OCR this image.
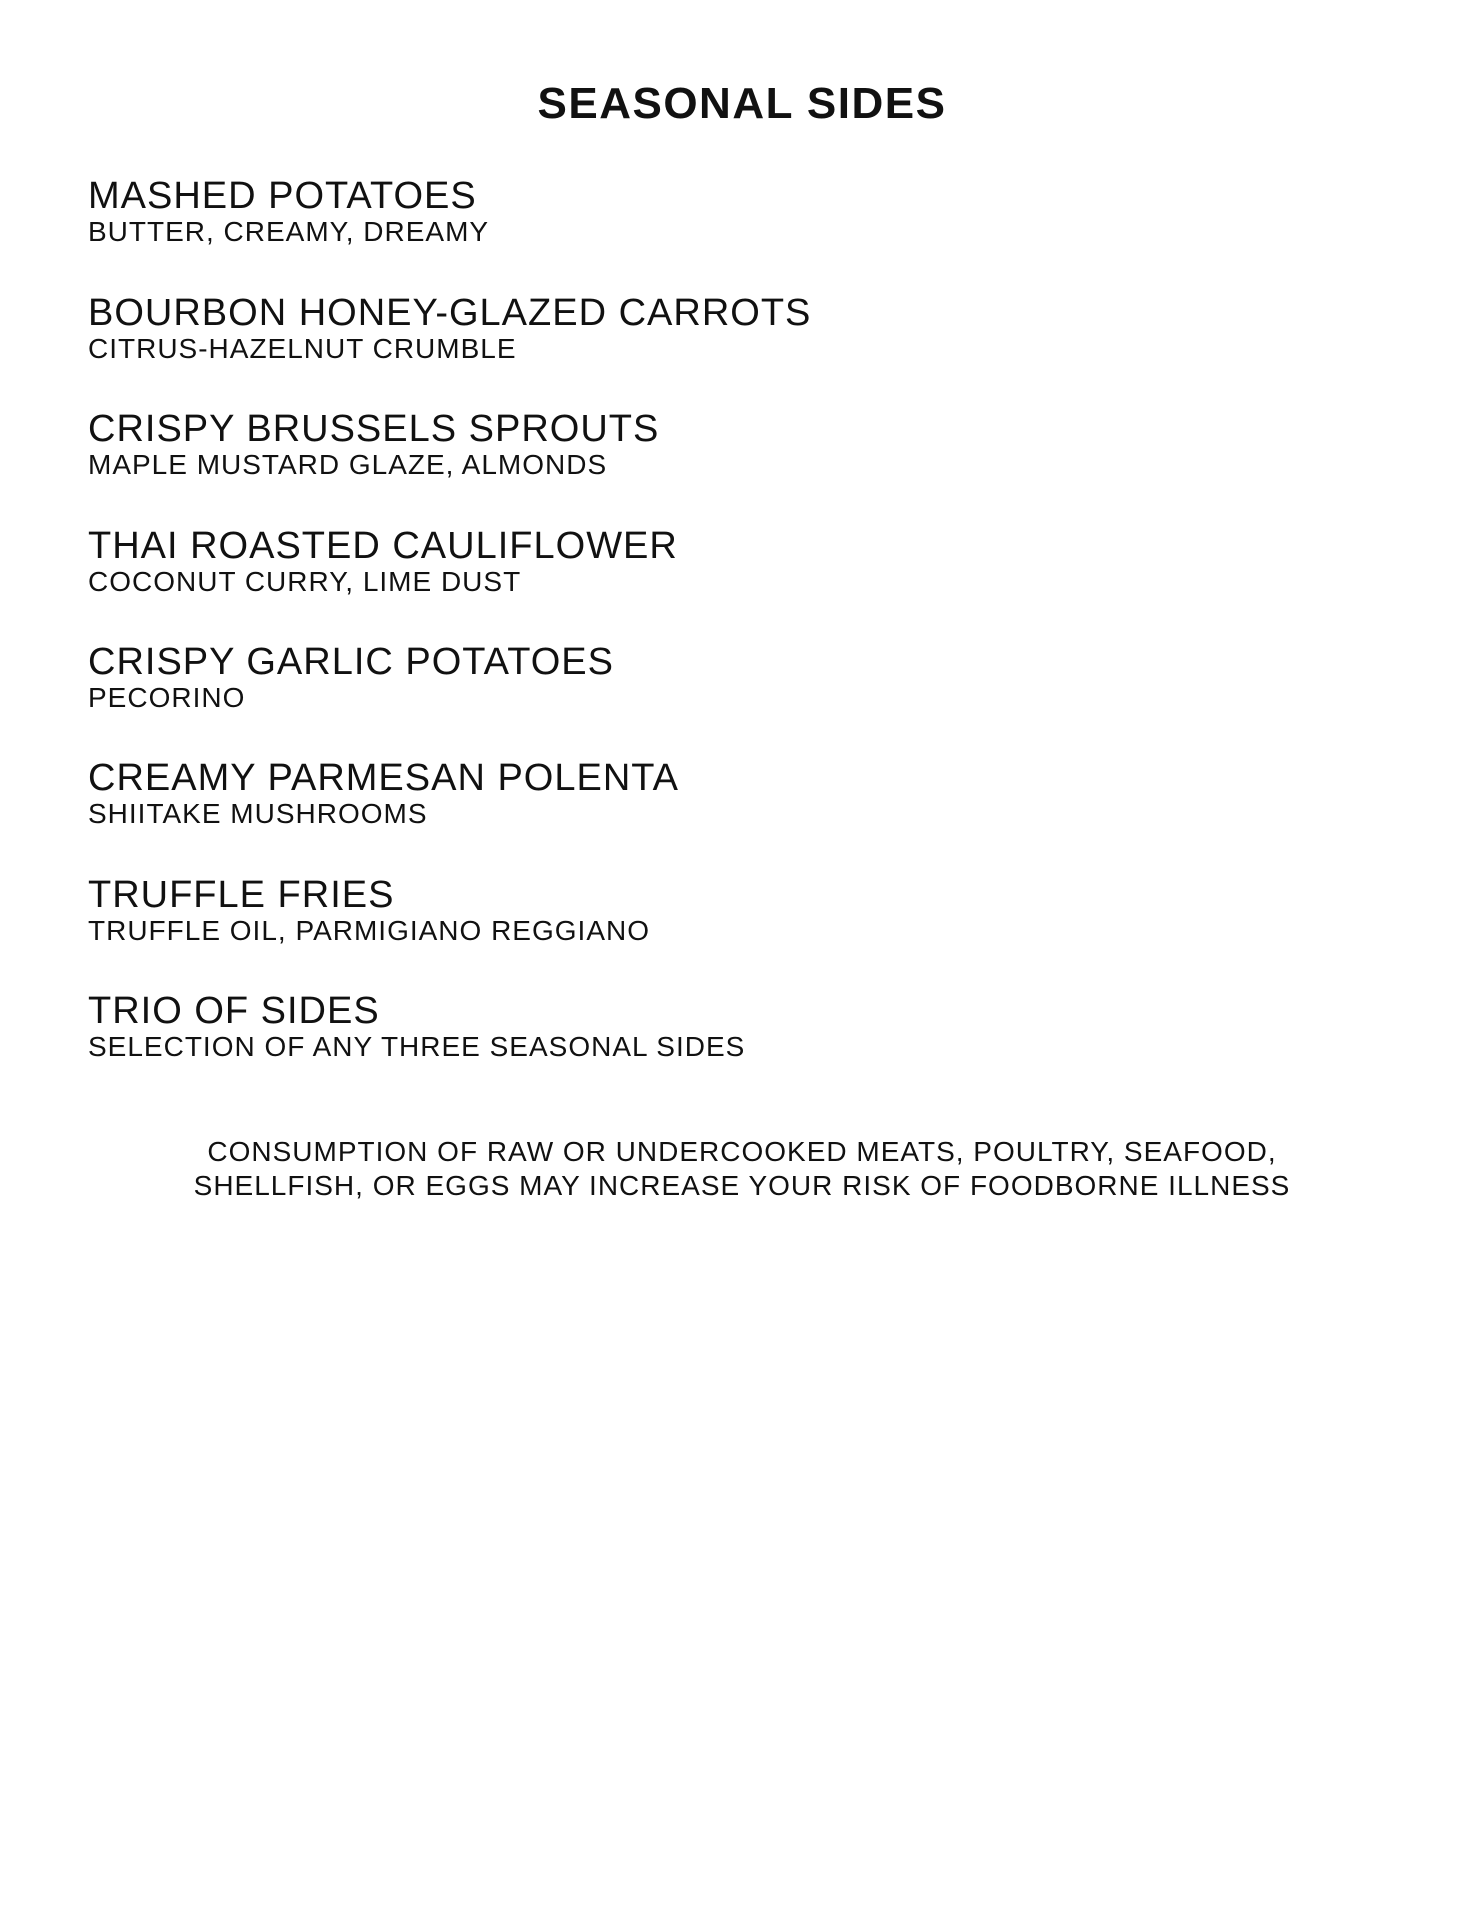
SEASONAL SIDES
MASHED POTATOES
BUTTER, CREAMY, DREAMY
BOURBON HONEY-GLAZED CARROTS
CITRUS-HAZELNUT CRUMBLE
CRISPY BRUSSELS SPROUTS
MAPLE MUSTARD GLAZE, ALMONDS
THAI ROASTED CAULIFLOWER
COCONUT CURRY, LIME DUST
CRISPY GARLIC POTATOES
PECORINO
CREAMY PARMESAN POLENTA
SHIITAKE MUSHROOMS
TRUFFLE FRIES
TRUFFLE OIL, PARMIGIANO REGGIANO
TRIO OF SIDES
SELECTION OF ANY THREE SEASONAL SIDES
CONSUMPTION OF RAW OR UNDERCOOKED MEATS, POULTRY, SEAFOOD,
SHELLFISH, OR EGGS MAY INCREASE YOUR RISK OF FOODBORNE ILLNESS
